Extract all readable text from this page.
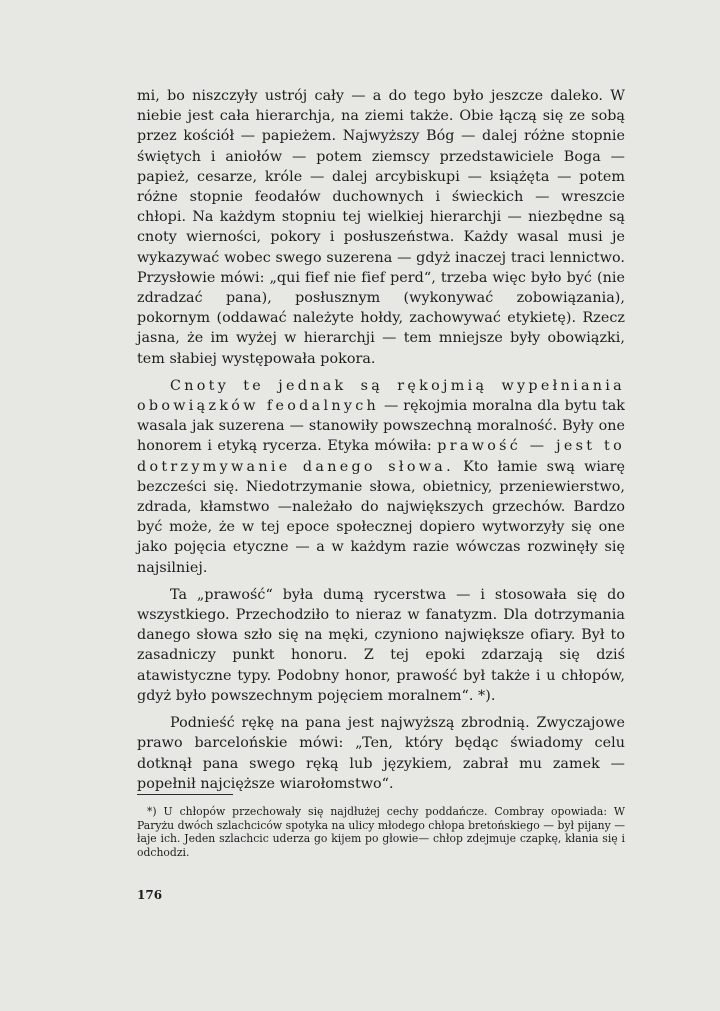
mi, bo niszczyły ustrój cały — a do tego było jeszcze daleko. W niebie jest cała hierarchja, na ziemi także. Obie łączą się ze sobą przez kościół — papieżem. Najwyższy Bóg — dalej różne stopnie świętych i aniołów — potem ziemscy przedstawiciele Boga — papież, cesarze, króle — dalej arcybiskupi — książęta — potem różne stopnie feodałów duchownych i świeckich — wreszcie chłopi. Na każdym stopniu tej wielkiej hierarchji — niezbędne są cnoty wierności, pokory i posłuszeństwa. Każdy wasal musi je wykazywać wobec swego suzerena — gdyż inaczej traci lennictwo. Przysłowie mówi: „qui fief nie fief perd“, trzeba więc było być (nie zdradzać pana), posłusznym (wykonywać zobowiązania), pokornym (oddawać należyte hołdy, zachowywać etykietę). Rzecz jasna, że im wyżej w hierarchji — tem mniejsze były obowiązki, tem słabiej występowała pokora.

Cnoty te jednak są rękojmią wypełniania obowiązków feodalnych — rękojmia moralna dla bytu tak wasala jak suzerena — stanowiły powszechną moralność. Były one honorem i etyką rycerza. Etyka mówiła: prawość — jest to dotrzymywanie danego słowa. Kto łamie swą wiarę bezcześci się. Niedotrzymanie słowa, obietnicy, przeniewierstwo, zdrada, kłamstwo —należało do największych grzechów. Bardzo być może, że w tej epoce społecznej dopiero wytworzyły się one jako pojęcia etyczne — a w każdym razie wówczas rozwinęły się najsilniej.

Ta „prawość“ była dumą rycerstwa — i stosowała się do wszystkiego. Przechodziło to nieraz w fanatyzm. Dla dotrzymania danego słowa szło się na męki, czyniono największe ofiary. Był to zasadniczy punkt honoru. Z tej epoki zdarzają się dziś atawistyczne typy. Podobny honor, prawość był także i u chłopów, gdyż było powszechnym pojęciem moralnem“. *).

Podnieść rękę na pana jest najwyższą zbrodnią. Zwyczajowe prawo barcelońskie mówi: „Ten, który będąc świadomy celu dotknął pana swego ręką lub językiem, zabrał mu zamek — popełnił najcięższe wiarołomstwo“.

*) U chłopów przechowały się najdłużej cechy poddańcze. Combray opowiada: W Paryżu dwóch szlachciców spotyka na ulicy młodego chłopa bretońskiego — był pijany — łaje ich. Jeden szlachcic uderza go kijem po głowie— chłop zdejmuje czapkę, kłania się i odchodzi.

176
